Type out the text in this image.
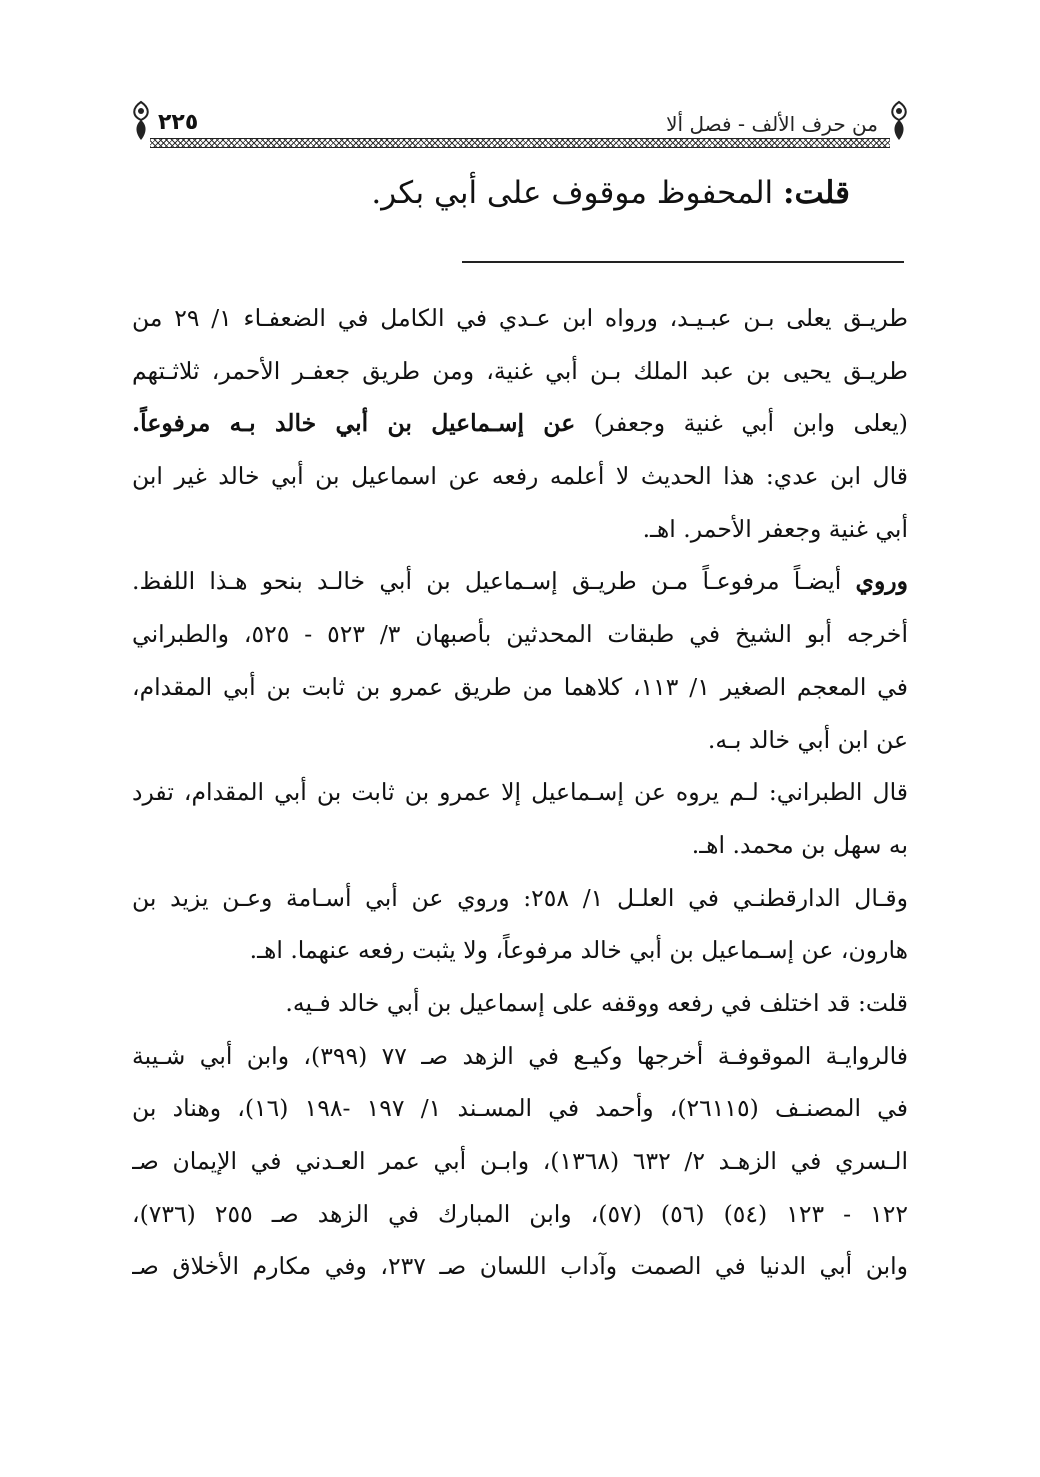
من حرف الألف - فصل ألا
٢٢٥
قلت: المحفوظ موقوف على أبي بكر.
طريـق يعلى بـن عبـيـد، ورواه ابن عـدي في الكامل في الضعفـاء ١/ ٢٩ من
طريـق يحيى بن عبد الملك بـن أبي غنية، ومن طريق جعفـر الأحمر، ثلاثـتهم
(يعلى وابن أبي غنية وجعفر) عن إسـماعيل بن أبي خالد بـه مرفوعاً.
قال ابن عدي: هذا الحديث لا أعلمه رفعه عن اسماعيل بن أبي خالد غير ابن
أبي غنية وجعفر الأحمر. اهـ.
وروي أيضـاً مرفوعـاً مـن طريـق إسـماعيل بن أبي خالـد بنحو هـذا اللفظ.
أخرجه أبو الشيخ في طبقات المحدثين بأصبهان ٣/ ٥٢٣ - ٥٢٥، والطبراني
في المعجم الصغير ١/ ١١٣، كلاهما من طريق عمرو بن ثابت بن أبي المقدام،
عن ابن أبي خالد بـه.
قال الطبراني: لـم يروه عن إسـماعيل إلا عمرو بن ثابت بن أبي المقدام، تفرد
به سهل بن محمد. اهـ.
وقـال الدارقطنـي في العلـل ١/ ٢٥٨: وروي عن أبي أسـامة وعـن يزيد بن
هارون، عن إسـماعيل بن أبي خالد مرفوعاً، ولا يثبت رفعه عنهما. اهـ.
قلت: قد اختلف في رفعه ووقفه على إسماعيل بن أبي خالد فـيه.
فالروايـة الموقوفـة أخرجها وكيـع في الزهد صـ ٧٧ (٣٩٩)، وابن أبي شـيبة
في المصنـف (٢٦١١٥)، وأحمد في المسـند ١/ ١٩٧ -١٩٨ (١٦)، وهناد بن
الـسري في الزهـد ٢/ ٦٣٢ (١٣٦٨)، وابـن أبي عمر العـدني في الإيمان صـ
١٢٢ - ١٢٣ (٥٤) (٥٦) (٥٧)، وابن المبارك في الزهد صـ ٢٥٥ (٧٣٦)،
وابن أبي الدنيا في الصمت وآداب اللسان صـ ٢٣٧، وفي مكارم الأخلاق صـ
